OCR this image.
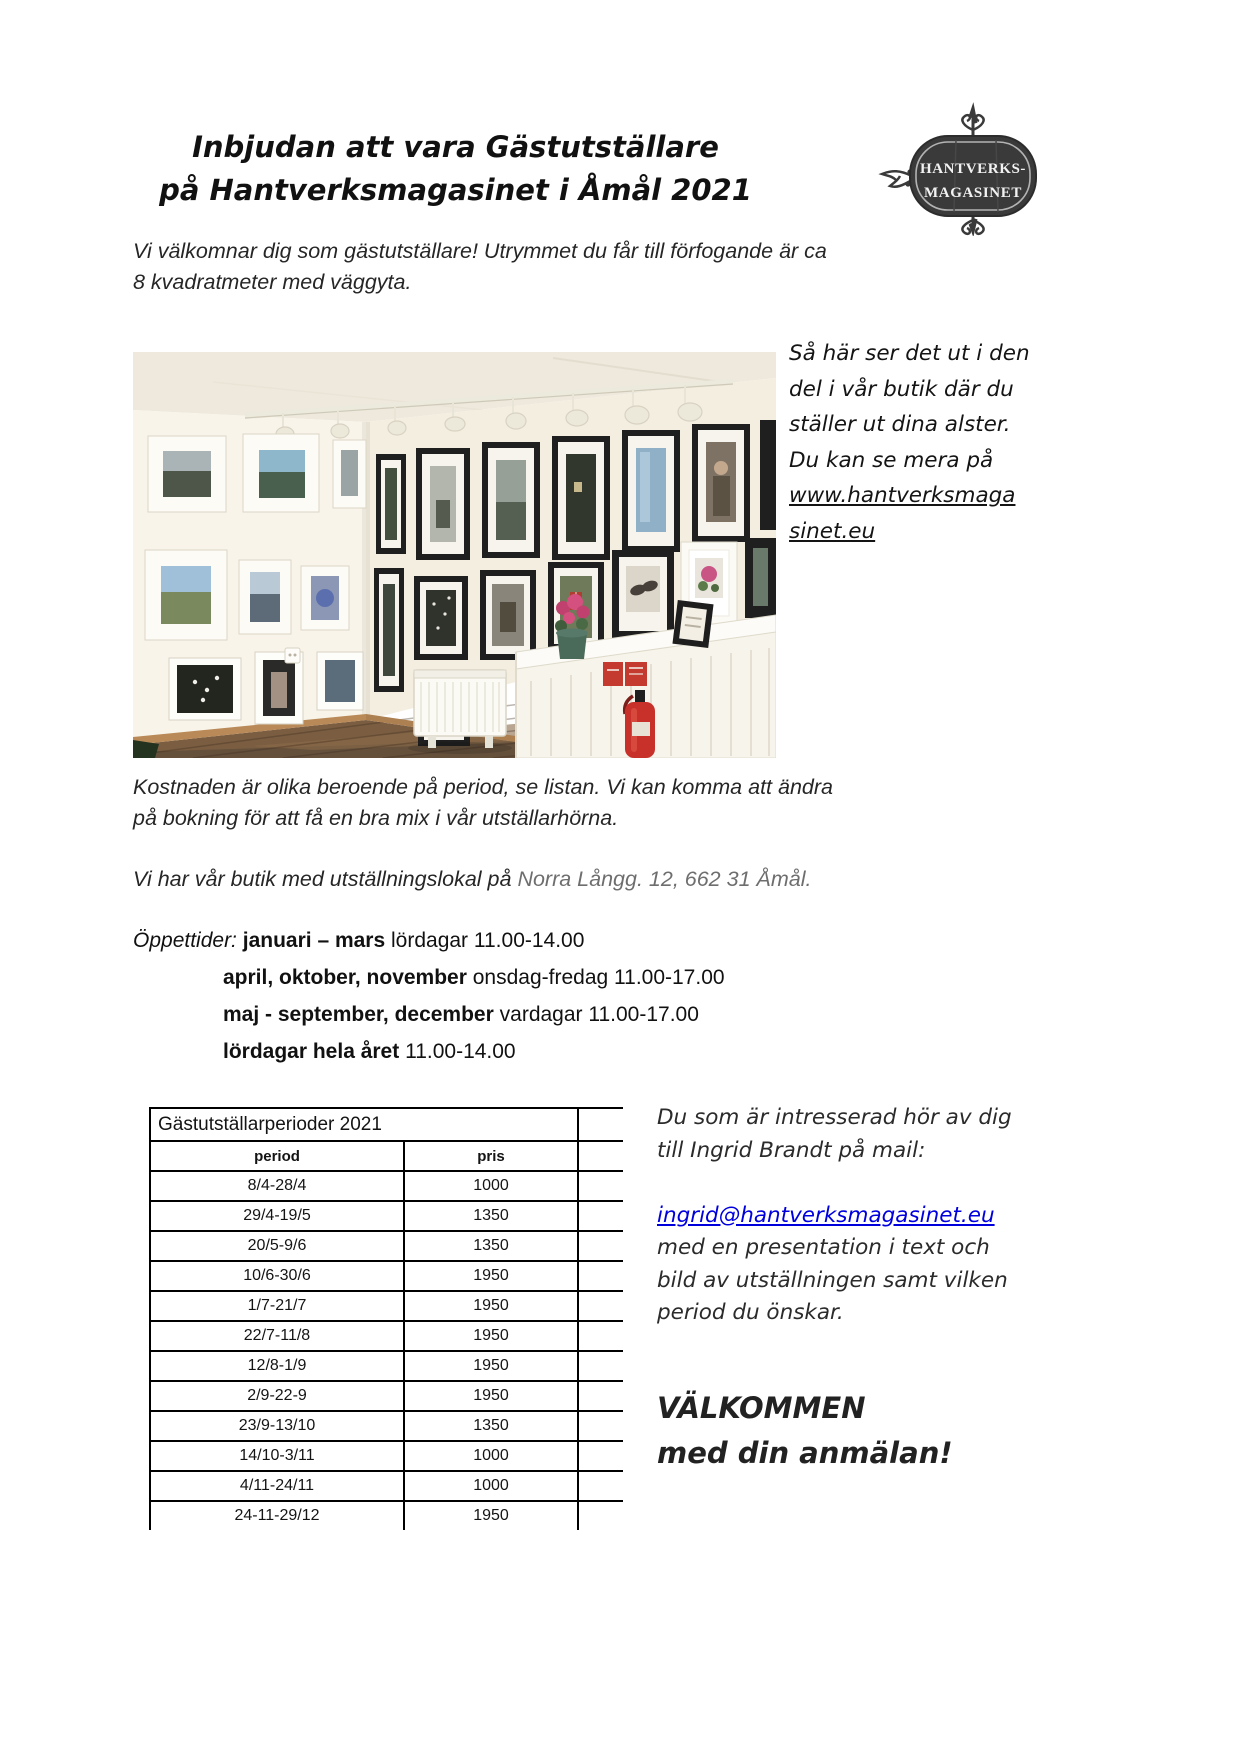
Inbjudan att vara Gästutställare
på Hantverksmagasinet i Åmål 2021
HANTVERKS-
MAGASINET
Vi välkomnar dig som gästutställare! Utrymmet du får till förfogande är ca
8 kvadratmeter med väggyta.
Så här ser det ut i den
del i vår butik där du
ställer ut dina alster.
Du kan se mera på
www.hantverksmaga
sinet.eu
Kostnaden är olika beroende på period, se listan. Vi kan komma att ändra
på bokning för att få en bra mix i vår utställarhörna.
Vi har vår butik med utställningslokal på Norra Långg. 12, 662 31 Åmål.
Öppettider: januari – mars lördagar 11.00-14.00
april, oktober, november onsdag-fredag 11.00-17.00
maj - september, december vardagar 11.00-17.00
lördagar hela året 11.00-14.00
Gästutställarperioder 2021		
period	pris	
8/4-28/4	1000	
29/4-19/5	1350	
20/5-9/6	1350	
10/6-30/6	1950	
1/7-21/7	1950	
22/7-11/8	1950	
12/8-1/9	1950	
2/9-22-9	1950	
23/9-13/10	1350	
14/10-3/11	1000	
4/11-24/11	1000	
24-11-29/12	1950	
Du som är intresserad hör av dig
till Ingrid Brandt på mail:
ingrid@hantverksmagasinet.eu
med en presentation i text och
bild av utställningen samt vilken
period du önskar.
VÄLKOMMEN
med din anmälan!
